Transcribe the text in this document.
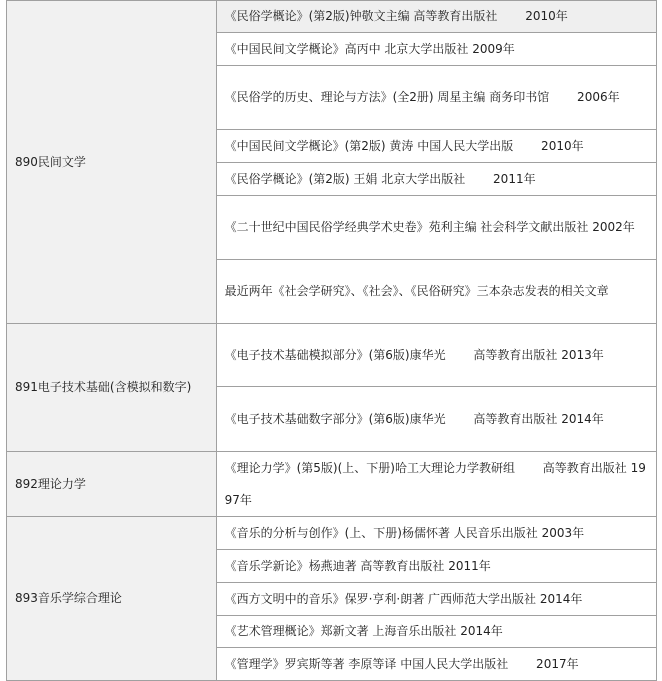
890民间文学	《民俗学概论》(第2版)钟敬文主编 高等教育出版社　　 2010年
	《中国民间文学概论》高丙中 北京大学出版社 2009年
	《民俗学的历史、理论与方法》(全2册) 周星主编 商务印书馆　　 2006年
	《中国民间文学概论》(第2版) 黄涛 中国人民大学出版 　　2010年
	《民俗学概论》(第2版) 王娟 北京大学出版社　　 2011年
	《二十世纪中国民俗学经典学术史卷》苑利主编 社会科学文献出版社 2002年
	最近两年《社会学研究》、《社会》、《民俗研究》三本杂志发表的相关文章
891电子技术基础(含模拟和数字)	《电子技术基础模拟部分》(第6版)康华光　　 高等教育出版社 2013年
	《电子技术基础数字部分》(第6版)康华光　　 高等教育出版社 2014年
892理论力学	《理论力学》(第5版)(上、下册)哈工大理论力学教研组　　 高等教育出版社 1997年
893音乐学综合理论	《音乐的分析与创作》(上、下册)杨儒怀著 人民音乐出版社 2003年
	《音乐学新论》杨燕迪著 高等教育出版社 2011年
	《西方文明中的音乐》保罗·亨利·朗著 广西师范大学出版社 2014年
	《艺术管理概论》郑新文著 上海音乐出版社 2014年
	《管理学》罗宾斯等著 李原等译 中国人民大学出版社　　 2017年
